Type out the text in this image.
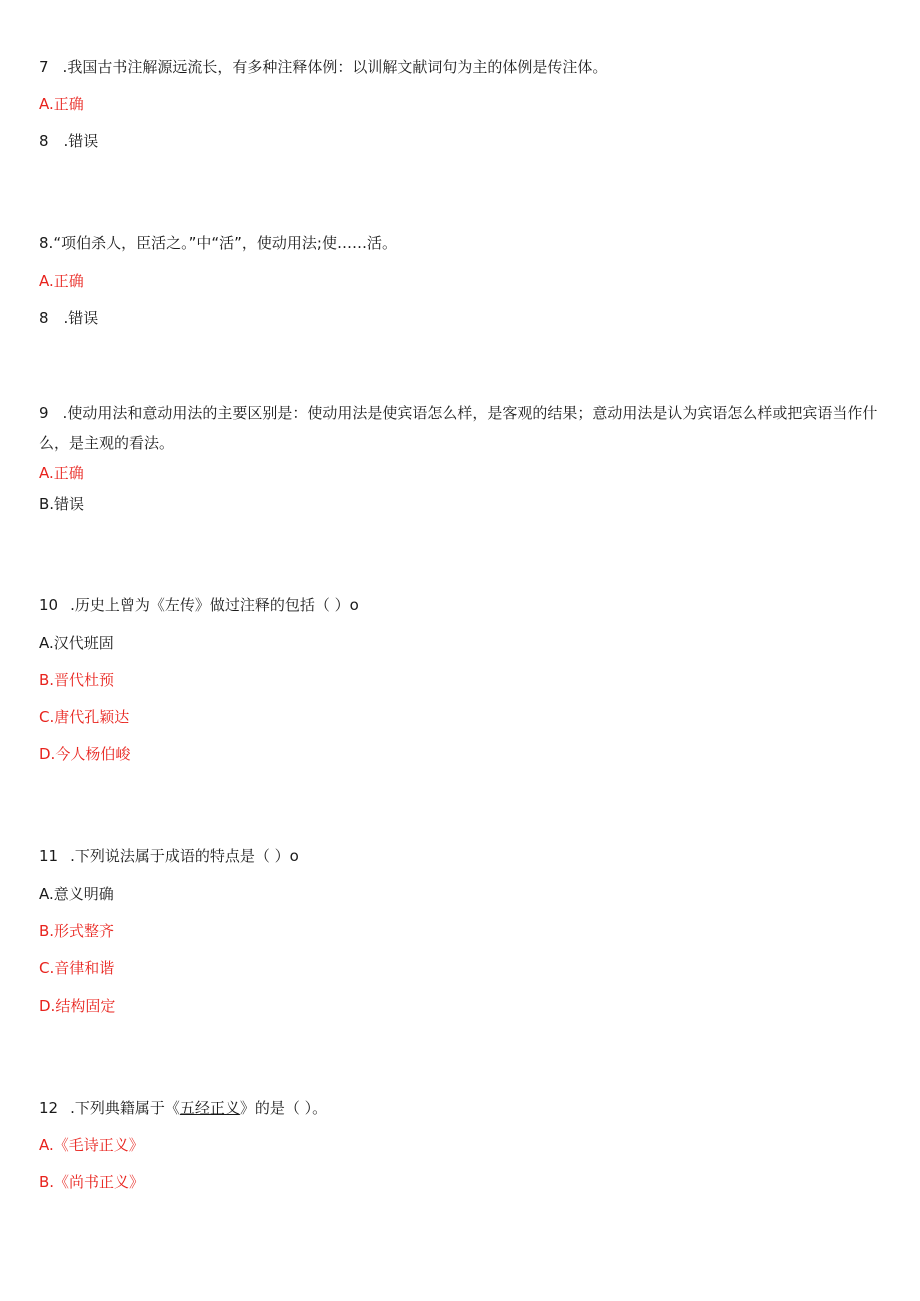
7 .我国古书注解源远流长，有多种注释体例：以训解文献词句为主的体例是传注体。
A.正确
8　.错误
8.“项伯杀人，臣活之。”中“活”，使动用法;使……活。
A.正确
8　.错误
9 .使动用法和意动用法的主要区别是：使动用法是使宾语怎么样，是客观的结果；意动用法是认为宾语怎么样或把宾语当作什么，是主观的看法。
A.正确
B.错误
10 .历史上曾为《左传》做过注释的包括（ ）o
A.汉代班固
B.晋代杜预
C.唐代孔颖达
D.今人杨伯峻
11 .下列说法属于成语的特点是（ ）o
A.意义明确
B.形式整齐
C.音律和谐
D.结构固定
12 .下列典籍属于《五经正义》的是（ ）。
A.《毛诗正义》
B.《尚书正义》
